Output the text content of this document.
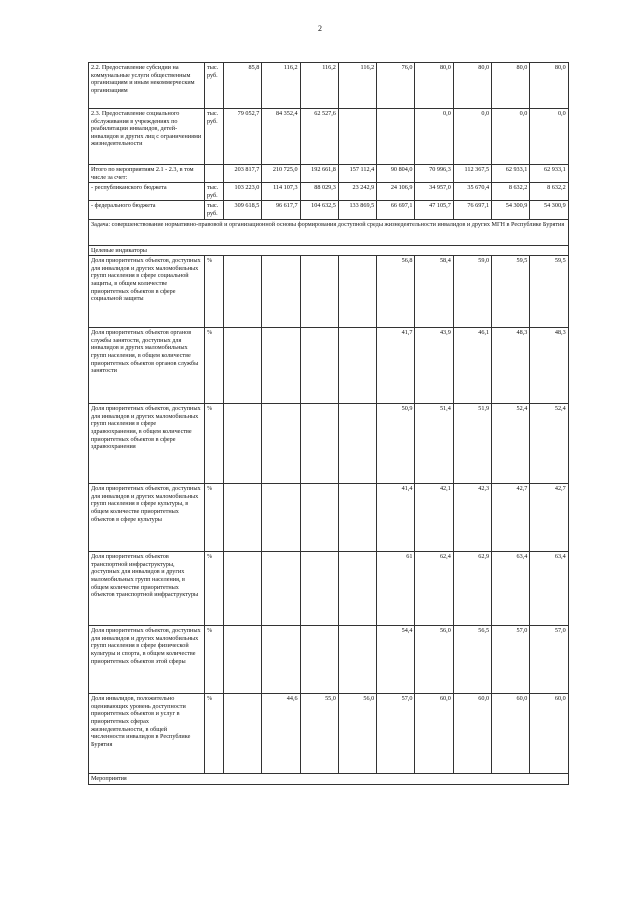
2
2.2. Предоставление субсидии на коммунальные услуги общественным организациям и иным некоммерческим организациям	тыс. руб.	85,8	116,2	116,2	116,2	76,0	80,0	80,0	80,0	80,0
2.3. Предоставление социального обслуживания в учреждениях по реабилитации инвалидов, детей-инвалидов и других лиц с ограничениями жизнедеятельности	тыс. руб.	79 052,7	84 352,4	62 527,6			0,0	0,0	0,0	0,0
Итого по мероприятиям 2.1 - 2.3, в том числе за счет:		203 817,7	210 725,0	192 661,8	157 112,4	90 804,0	70 996,3	112 367,5	62 933,1	62 933,1
- республиканского бюджета	тыс. руб.	103 223,0	114 107,3	88 029,3	23 242,9	24 106,9	34 957,0	35 670,4	8 632,2	8 632,2
- федерального бюджета	тыс. руб.	309 618,5	96 617,7	104 632,5	133 869,5	66 697,1	47 105,7	76 697,1	54 300,9	54 300,9
Задача: совершенствование нормативно-правовой и организационной основы формирования доступной среды жизнедеятельности инвалидов и других МГН в Республике Бурятия										
Целевые индикаторы										
Доля приоритетных объектов, доступных для инвалидов и других маломобильных групп населения в сфере социальной защиты, в общем количестве приоритетных объектов в сфере социальной защиты	%					56,8	58,4	59,0	59,5	59,5
Доля приоритетных объектов органов службы занятости, доступных для инвалидов и других маломобильных групп населения, в общем количестве приоритетных объектов органов службы занятости	%					41,7	43,9	46,1	48,3	48,3
Доля приоритетных объектов, доступных для инвалидов и других маломобильных групп населения в сфере здравоохранения, в общем количестве приоритетных объектов в сфере здравоохранения	%					50,9	51,4	51,9	52,4	52,4
Доля приоритетных объектов, доступных для инвалидов и других маломобильных групп населения в сфере культуры, в общем количестве приоритетных объектов в сфере культуры	%					41,4	42,1	42,3	42,7	42,7
Доля приоритетных объектов транспортной инфраструктуры, доступных для инвалидов и других маломобильных групп населения, в общем количестве приоритетных объектов транспортной инфраструктуры	%					61	62,4	62,9	63,4	63,4
Доля приоритетных объектов, доступных для инвалидов и других маломобильных групп населения в сфере физической культуры и спорта, в общем количестве приоритетных объектов этой сферы	%					54,4	56,0	56,5	57,0	57,0
Доля инвалидов, положительно оценивающих уровень доступности приоритетных объектов и услуг в приоритетных сферах жизнедеятельности, в общей численности инвалидов в Республике Бурятия	%		44,6	55,0	56,0	57,0	60,0	60,0	60,0	60,0
Мероприятия										
